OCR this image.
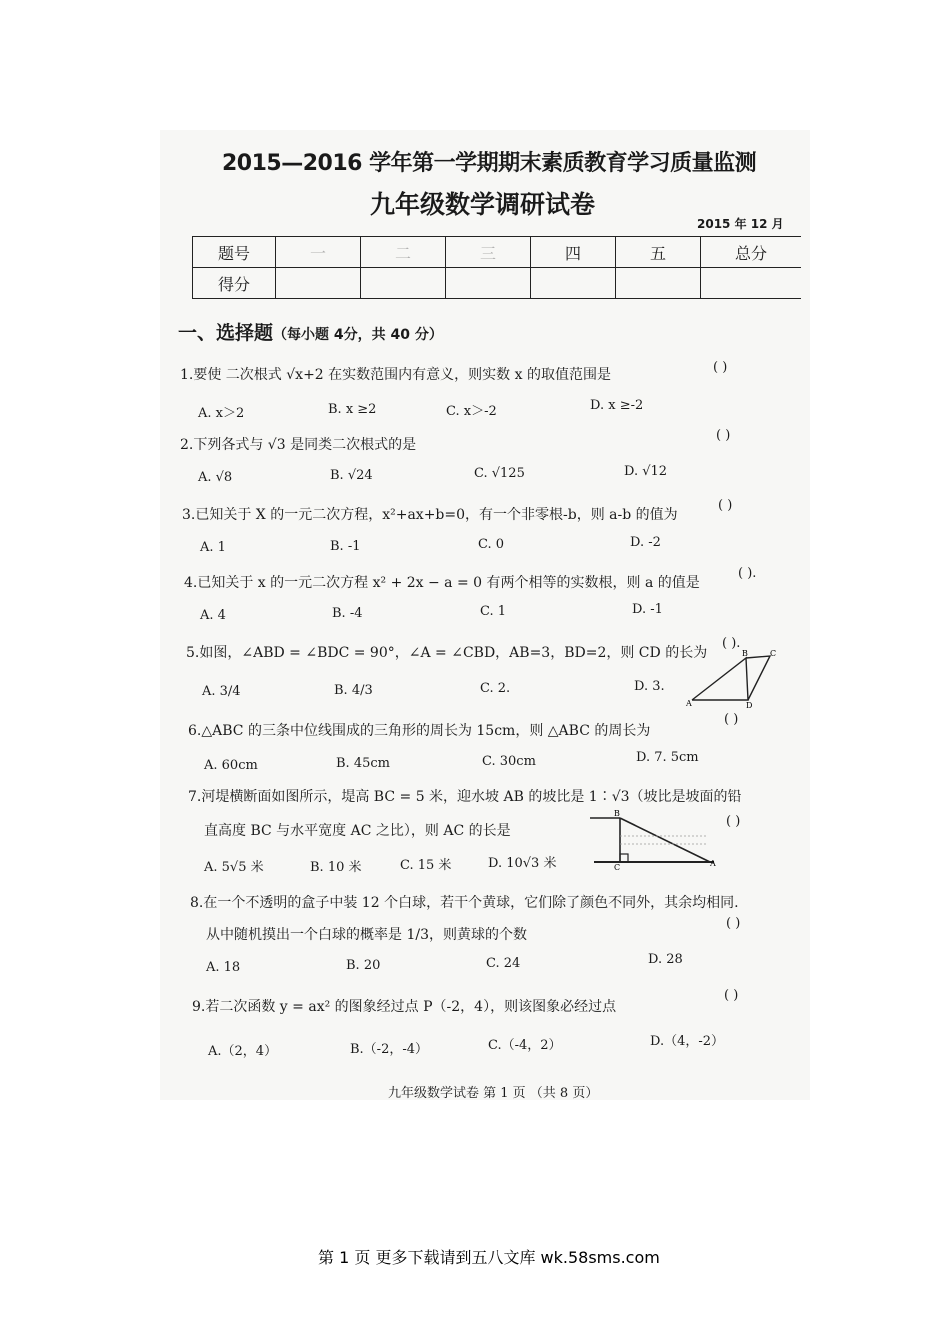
2015—2016 学年第一学期期末素质教育学习质量监测
九年级数学调研试卷
2015 年 12 月
题号	一	二	三	四	五	总分
得分						
一、选择题（每小题 4分，共 40 分）
1.要使 二次根式 √x+2 在实数范围内有意义，则实数 x 的取值范围是	( )
A. x＞2	B. x ≥2	C. x＞-2	D. x ≥-2
2.下列各式与 √3 是同类二次根式的是
( )
A. √8	B. √24	C. √125	D. √12
3.已知关于 X 的一元二次方程，x²+ax+b=0，有一个非零根-b，则 a-b 的值为
( )
A. 1	B. -1	C. 0	D. -2
4.已知关于 x 的一元二次方程 x² + 2x − a = 0 有两个相等的实数根，则 a 的值是
( ).
A. 4	B. -4	C. 1	D. -1
5.如图，∠ABD = ∠BDC = 90°，∠A = ∠CBD，AB=3，BD=2，则 CD 的长为
( ).
A. 3/4	B. 4/3	C. 2.	D. 3.
B	C
A	D
6.△ABC 的三条中位线围成的三角形的周长为 15cm，则 △ABC 的周长为
( )
A. 60cm	B. 45cm	C. 30cm	D. 7. 5cm
7.河堤横断面如图所示，堤高 BC = 5 米，迎水坡 AB 的坡比是 1∶√3（坡比是坡面的铅
直高度 BC 与水平宽度 AC 之比），则 AC 的长是
( )
A. 5√5 米	B. 10 米	C. 15 米	D. 10√3 米
B
C	A
8.在一个不透明的盒子中装 12 个白球，若干个黄球，它们除了颜色不同外，其余均相同.
从中随机摸出一个白球的概率是 1/3，则黄球的个数
( )
A. 18	B. 20	C. 24	D. 28
9.若二次函数 y = ax² 的图象经过点 P（-2，4），则该图象必经过点
( )
A.（2，4）	B.（-2，-4）	C.（-4，2）	D.（4，-2）
九年级数学试卷 第 1 页 （共 8 页）
第 1 页 更多下载请到五八文库 wk.58sms.com
